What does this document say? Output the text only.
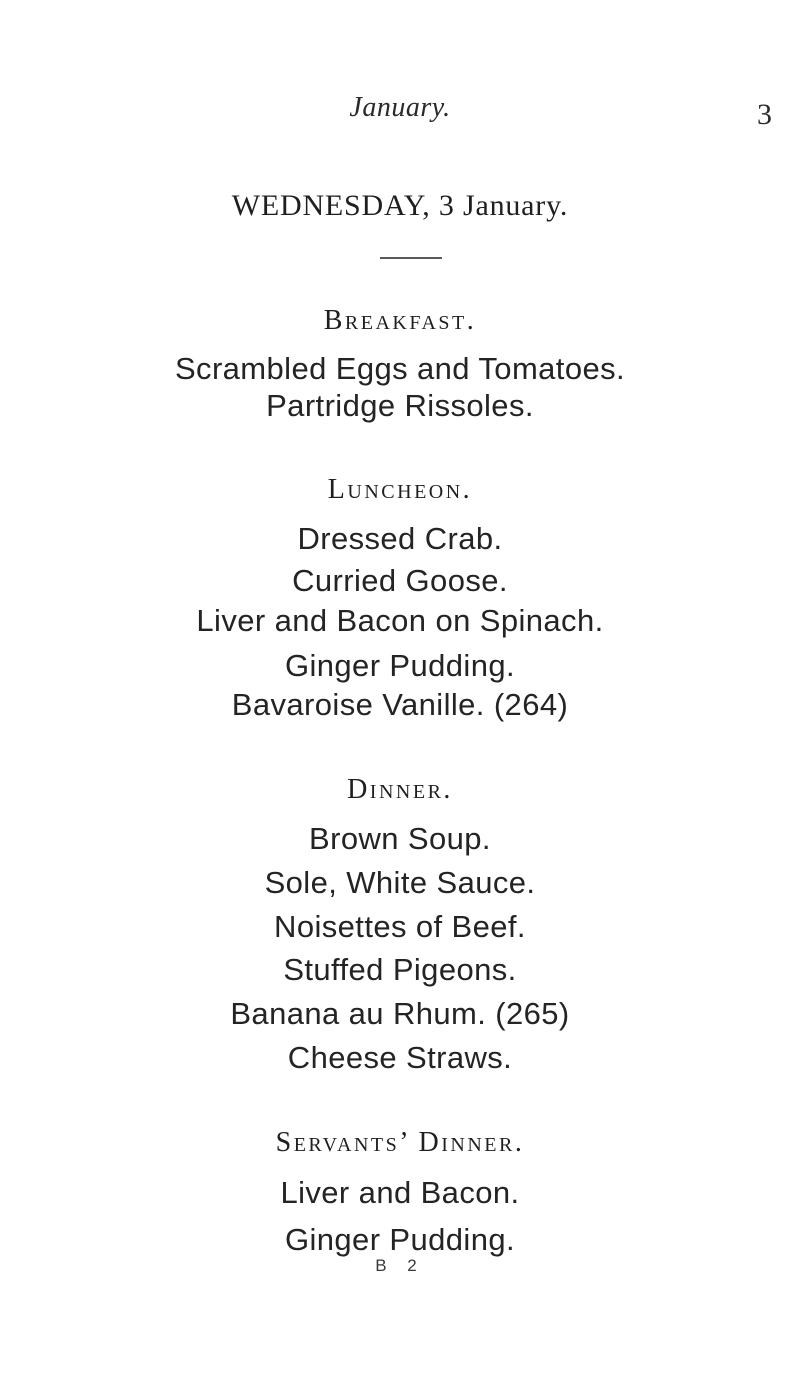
January.	3
WEDNESDAY, 3 January.
Breakfast.
Scrambled Eggs and Tomatoes.
Partridge Rissoles.
Luncheon.
Dressed Crab.
Curried Goose.
Liver and Bacon on Spinach.
Ginger Pudding.
Bavaroise Vanille. (264)
Dinner.
Brown Soup.
Sole, White Sauce.
Noisettes of Beef.
Stuffed Pigeons.
Banana au Rhum. (265)
Cheese Straws.
Servants’ Dinner.
Liver and Bacon.
Ginger Pudding.
B 2
